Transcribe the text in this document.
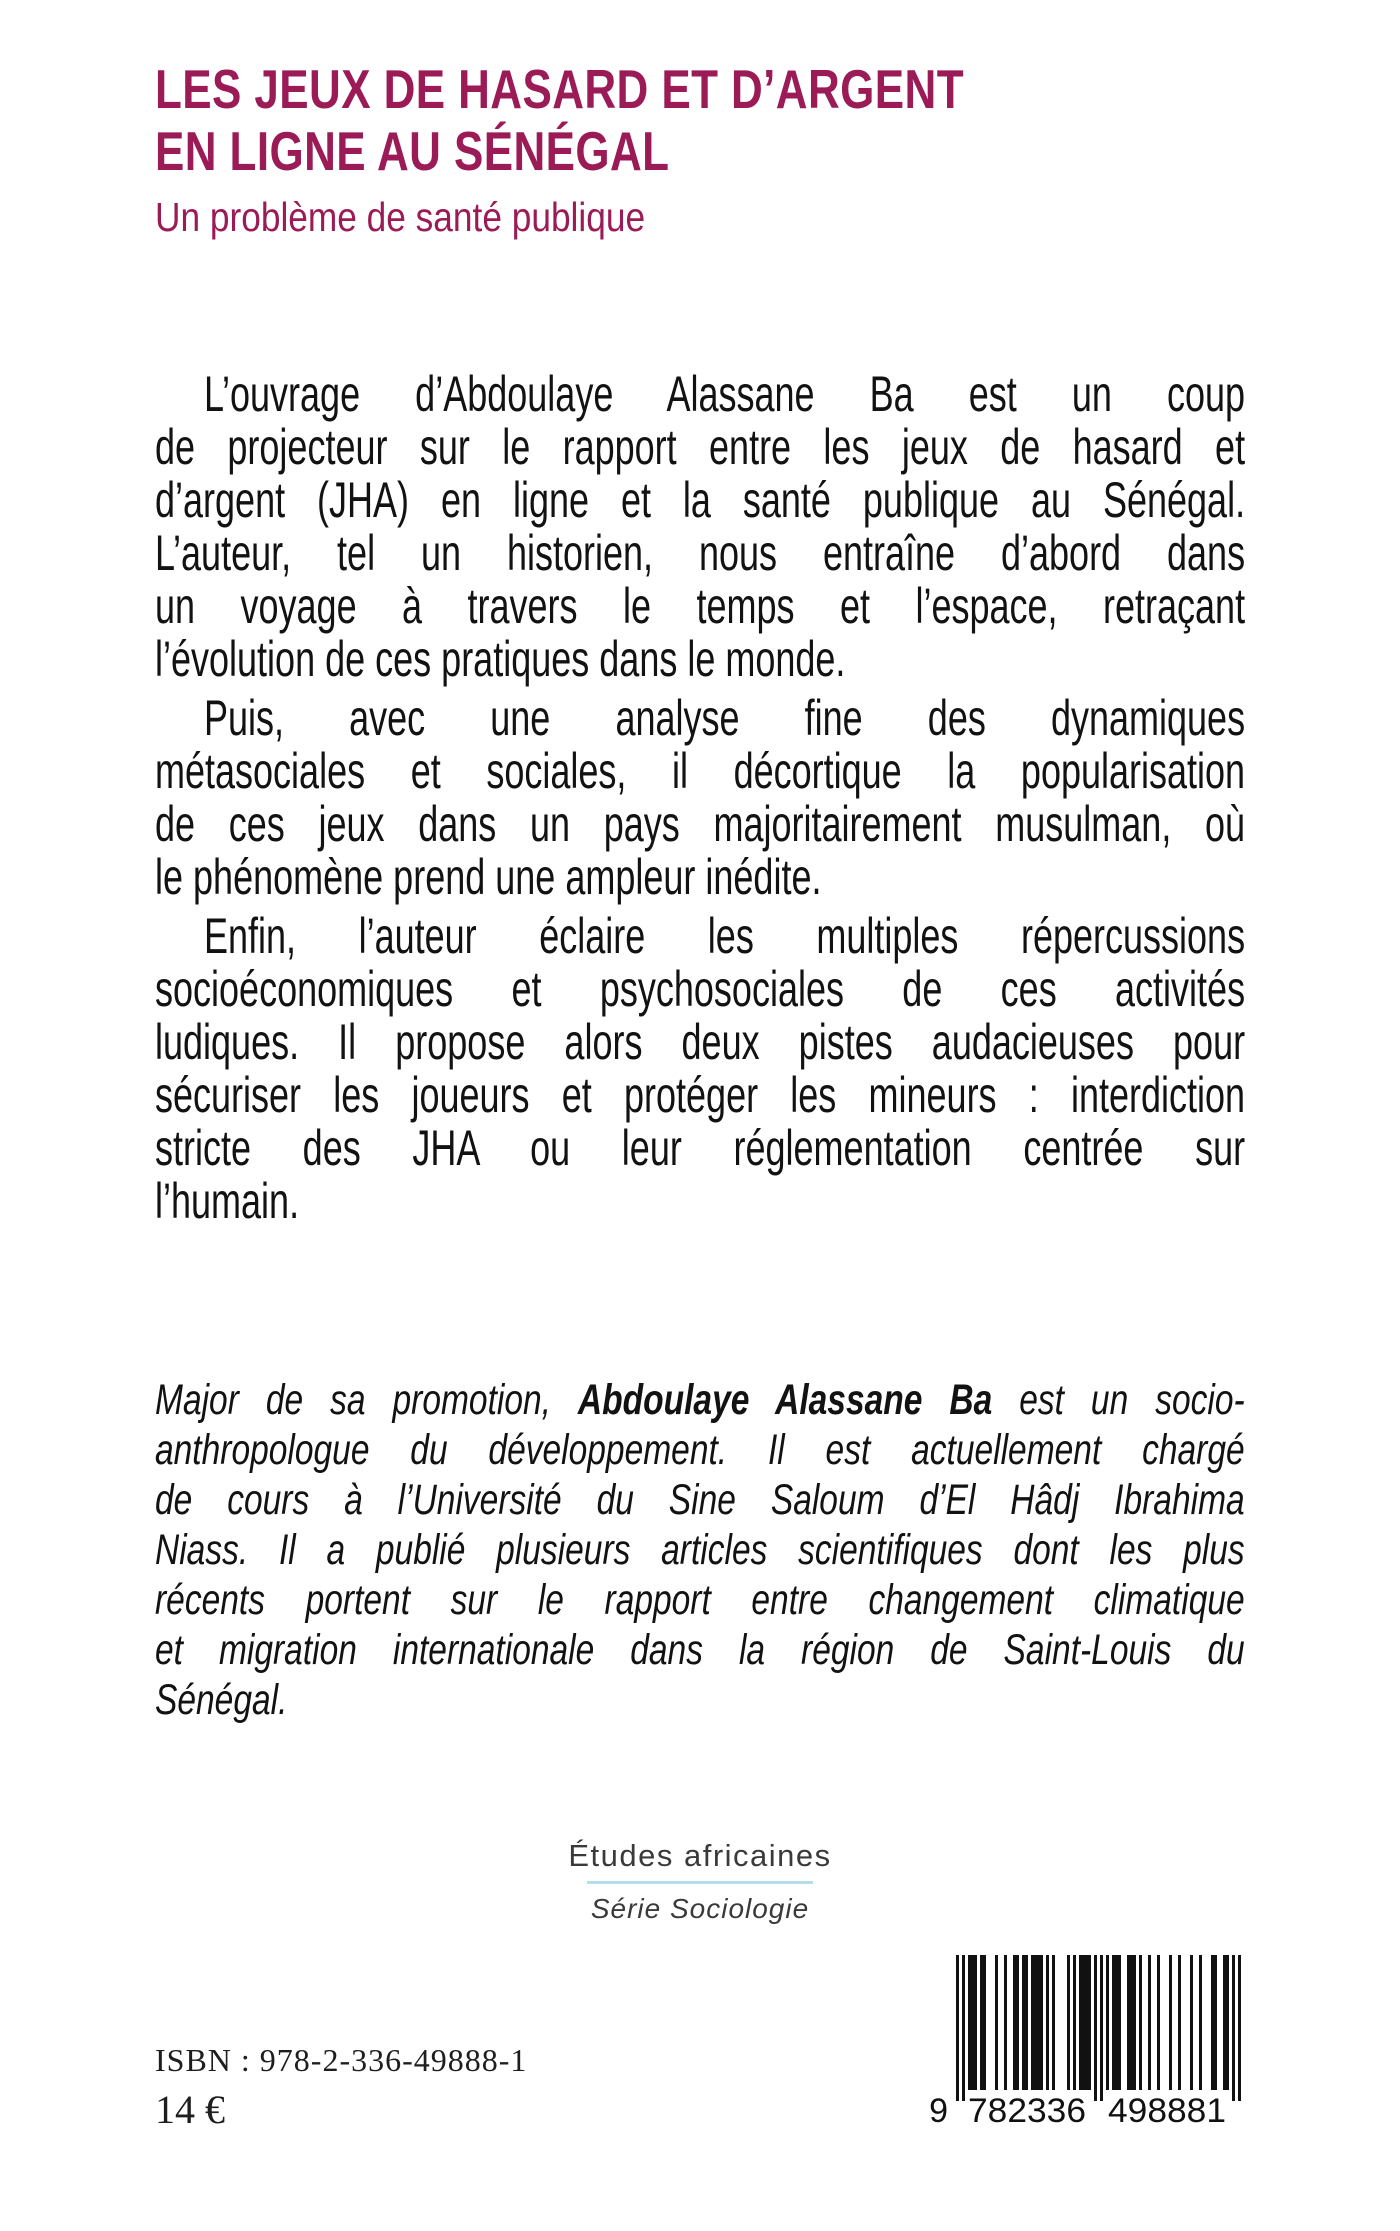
LES JEUX DE HASARD ET D’ARGENT
EN LIGNE AU SÉNÉGAL
Un problème de santé publique
L’ouvrage d’Abdoulaye Alassane Ba est un coup
de projecteur sur le rapport entre les jeux de hasard et
d’argent (JHA) en ligne et la santé publique au Sénégal.
L’auteur, tel un historien, nous entraîne d’abord dans
un voyage à travers le temps et l’espace, retraçant
l’évolution de ces pratiques dans le monde.
Puis, avec une analyse fine des dynamiques
métasociales et sociales, il décortique la popularisation
de ces jeux dans un pays majoritairement musulman, où
le phénomène prend une ampleur inédite.
Enfin, l’auteur éclaire les multiples répercussions
socioéconomiques et psychosociales de ces activités
ludiques. Il propose alors deux pistes audacieuses pour
sécuriser les joueurs et protéger les mineurs : interdiction
stricte des JHA ou leur réglementation centrée sur
l’humain.
Major de sa promotion, Abdoulaye Alassane Ba est un socio-
anthropologue du développement. Il est actuellement chargé
de cours à l’Université du Sine Saloum d’El Hâdj Ibrahima
Niass. Il a publié plusieurs articles scientifiques dont les plus
récents portent sur le rapport entre changement climatique
et migration internationale dans la région de Saint-Louis du
Sénégal.
Études africaines
Série Sociologie
ISBN : 978-2-336-49888-1
14 €	9 782336 498881
